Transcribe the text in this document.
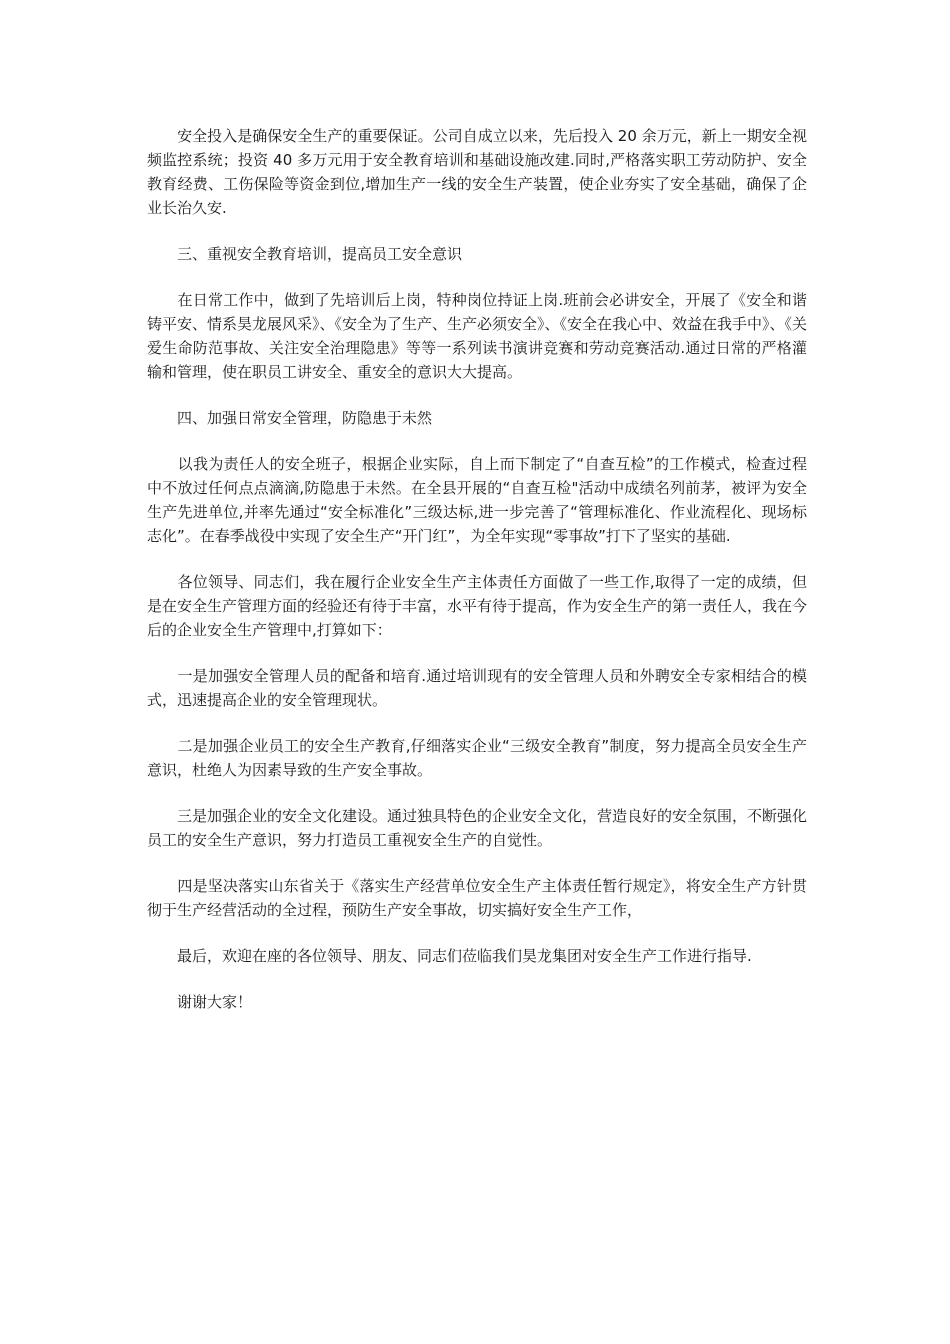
　　安全投入是确保安全生产的重要保证。公司自成立以来，先后投入 20 余万元，新上一期安全视频监控系统；投资 40 多万元用于安全教育培训和基础设施改建.同时,严格落实职工劳动防护、安全教育经费、工伤保险等资金到位,增加生产一线的安全生产装置，使企业夯实了安全基础，确保了企业长治久安.

　　三、重视安全教育培训，提高员工安全意识

　　在日常工作中，做到了先培训后上岗，特种岗位持证上岗.班前会必讲安全，开展了《安全和谐铸平安、情系昊龙展风采》、《安全为了生产、生产必须安全》、《安全在我心中、效益在我手中》、《关爱生命防范事故、关注安全治理隐患》等等一系列读书演讲竞赛和劳动竞赛活动.通过日常的严格灌输和管理，使在职员工讲安全、重安全的意识大大提高。

　　四、加强日常安全管理，防隐患于未然

　　以我为责任人的安全班子，根据企业实际，自上而下制定了“自查互检”的工作模式，检查过程中不放过任何点点滴滴,防隐患于未然。在全县开展的“自查互检"活动中成绩名列前茅，被评为安全生产先进单位,并率先通过“安全标准化”三级达标,进一步完善了“管理标准化、作业流程化、现场标志化”。在春季战役中实现了安全生产“开门红”，为全年实现“零事故”打下了坚实的基础.

　　各位领导、同志们，我在履行企业安全生产主体责任方面做了一些工作,取得了一定的成绩，但是在安全生产管理方面的经验还有待于丰富，水平有待于提高，作为安全生产的第一责任人，我在今后的企业安全生产管理中,打算如下：

　　一是加强安全管理人员的配备和培育.通过培训现有的安全管理人员和外聘安全专家相结合的模式，迅速提高企业的安全管理现状。

　　二是加强企业员工的安全生产教育,仔细落实企业“三级安全教育”制度，努力提高全员安全生产意识，杜绝人为因素导致的生产安全事故。

　　三是加强企业的安全文化建设。通过独具特色的企业安全文化，营造良好的安全氛围，不断强化员工的安全生产意识，努力打造员工重视安全生产的自觉性。

　　四是坚决落实山东省关于《落实生产经营单位安全生产主体责任暂行规定》，将安全生产方针贯彻于生产经营活动的全过程，预防生产安全事故，切实搞好安全生产工作，

　　最后，欢迎在座的各位领导、朋友、同志们莅临我们昊龙集团对安全生产工作进行指导.

　　谢谢大家！
